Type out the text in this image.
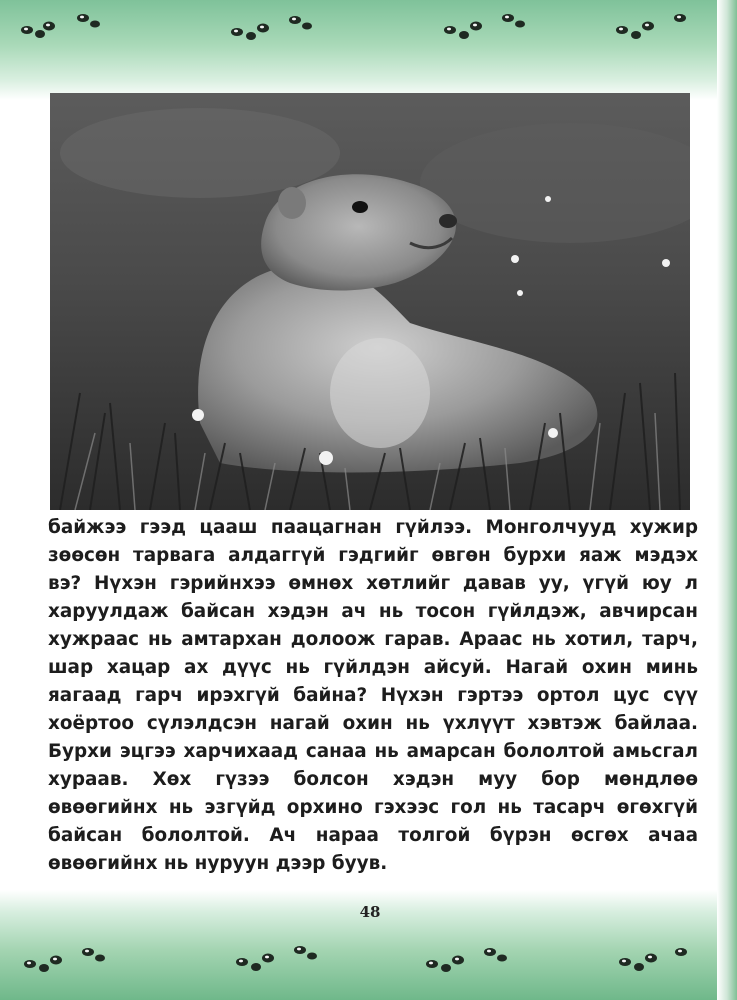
байжээ гээд цааш паацагнан гүйлээ. Монголчууд хужир
зөөсөн тарвага алдаггүй гэдгийг өвгөн бурхи яаж мэдэх
вэ? Нүхэн гэрийнхээ өмнөх хөтлийг давав уу, үгүй юу л
харуулдаж байсан хэдэн ач нь тосон гүйлдэж, авчирсан
хужраас нь амтархан долоож гарав. Араас нь хотил, тарч,
шар хацар ах дүүс нь гүйлдэн айсуй. Нагай охин минь
яагаад гарч ирэхгүй байна? Нүхэн гэртээ ортол цус сүү
хоёртоо сүлэлдсэн нагай охин нь үхлүүт хэвтэж байлаа.
Бурхи эцгээ харчихаад санаа нь амарсан бололтой амьсгал
хураав. Хөх гүзээ болсон хэдэн муу бор мөндлөө
өвөөгийнх нь эзгүйд орхино гэхээс гол нь тасарч өгөхгүй
байсан бололтой. Ач нараа толгой бүрэн өсгөх ачаа
өвөөгийнх нь нуруун дээр буув.
48
